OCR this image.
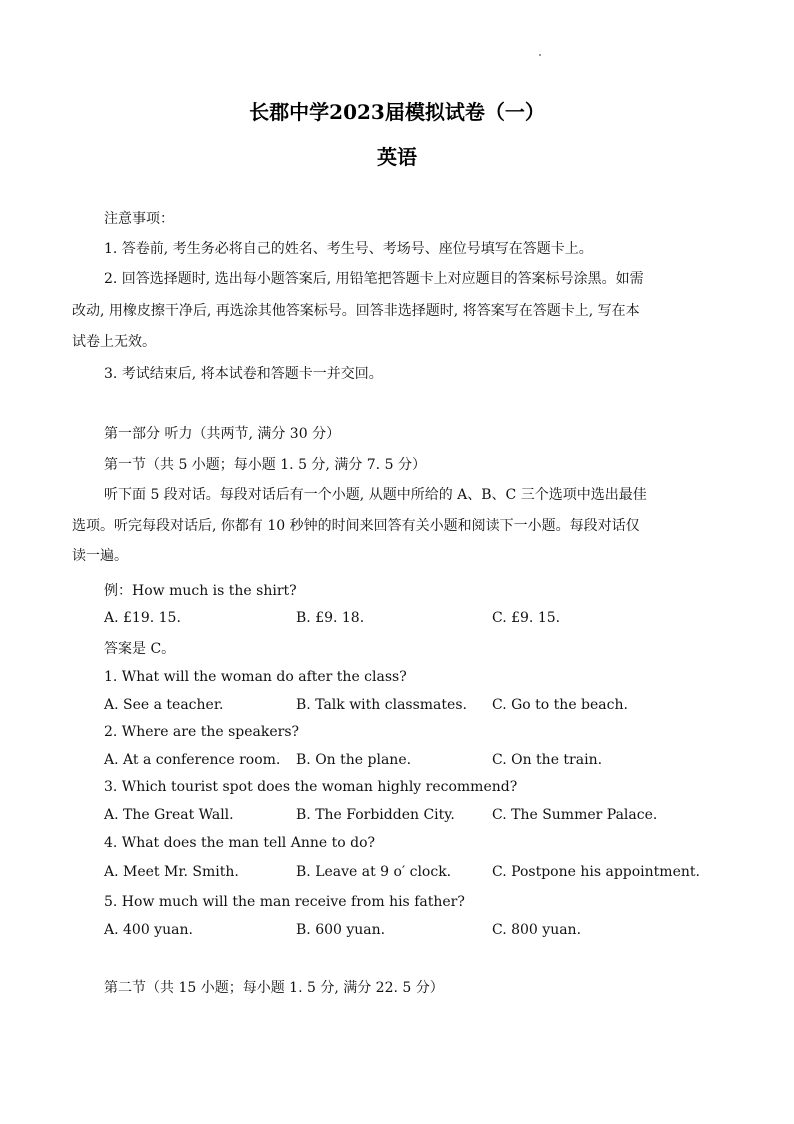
长郡中学2023届模拟试卷（一）
英语
注意事项：
1. 答卷前, 考生务必将自己的姓名、考生号、考场号、座位号填写在答题卡上。
2. 回答选择题时, 选出每小题答案后, 用铅笔把答题卡上对应题目的答案标号涂黑。如需
改动, 用橡皮擦干净后, 再选涂其他答案标号。回答非选择题时, 将答案写在答题卡上, 写在本
试卷上无效。
3. 考试结束后, 将本试卷和答题卡一并交回。
第一部分 听力（共两节, 满分 30 分）
第一节（共 5 小题；每小题 1. 5 分, 满分 7. 5 分）
听下面 5 段对话。每段对话后有一个小题, 从题中所给的 A、B、C 三个选项中选出最佳
选项。听完每段对话后, 你都有 10 秒钟的时间来回答有关小题和阅读下一小题。每段对话仅
读一遍。
例：How much is the shirt?
A. £19. 15.	B. £9. 18.	C. £9. 15.
答案是 C。
1. What will the woman do after the class?
A. See a teacher.	B. Talk with classmates. C. Go to the beach.
2. Where are the speakers?
A. At a conference room. B. On the plane.	C. On the train.
3. Which tourist spot does the woman highly recommend?
A. The Great Wall.	B. The Forbidden City.	C. The Summer Palace.
4. What does the man tell Anne to do?
A. Meet Mr. Smith.	B. Leave at 9 o′ clock.	C. Postpone his appointment.
5. How much will the man receive from his father?
A. 400 yuan.	B. 600 yuan.	C. 800 yuan.
第二节（共 15 小题；每小题 1. 5 分, 满分 22. 5 分）
